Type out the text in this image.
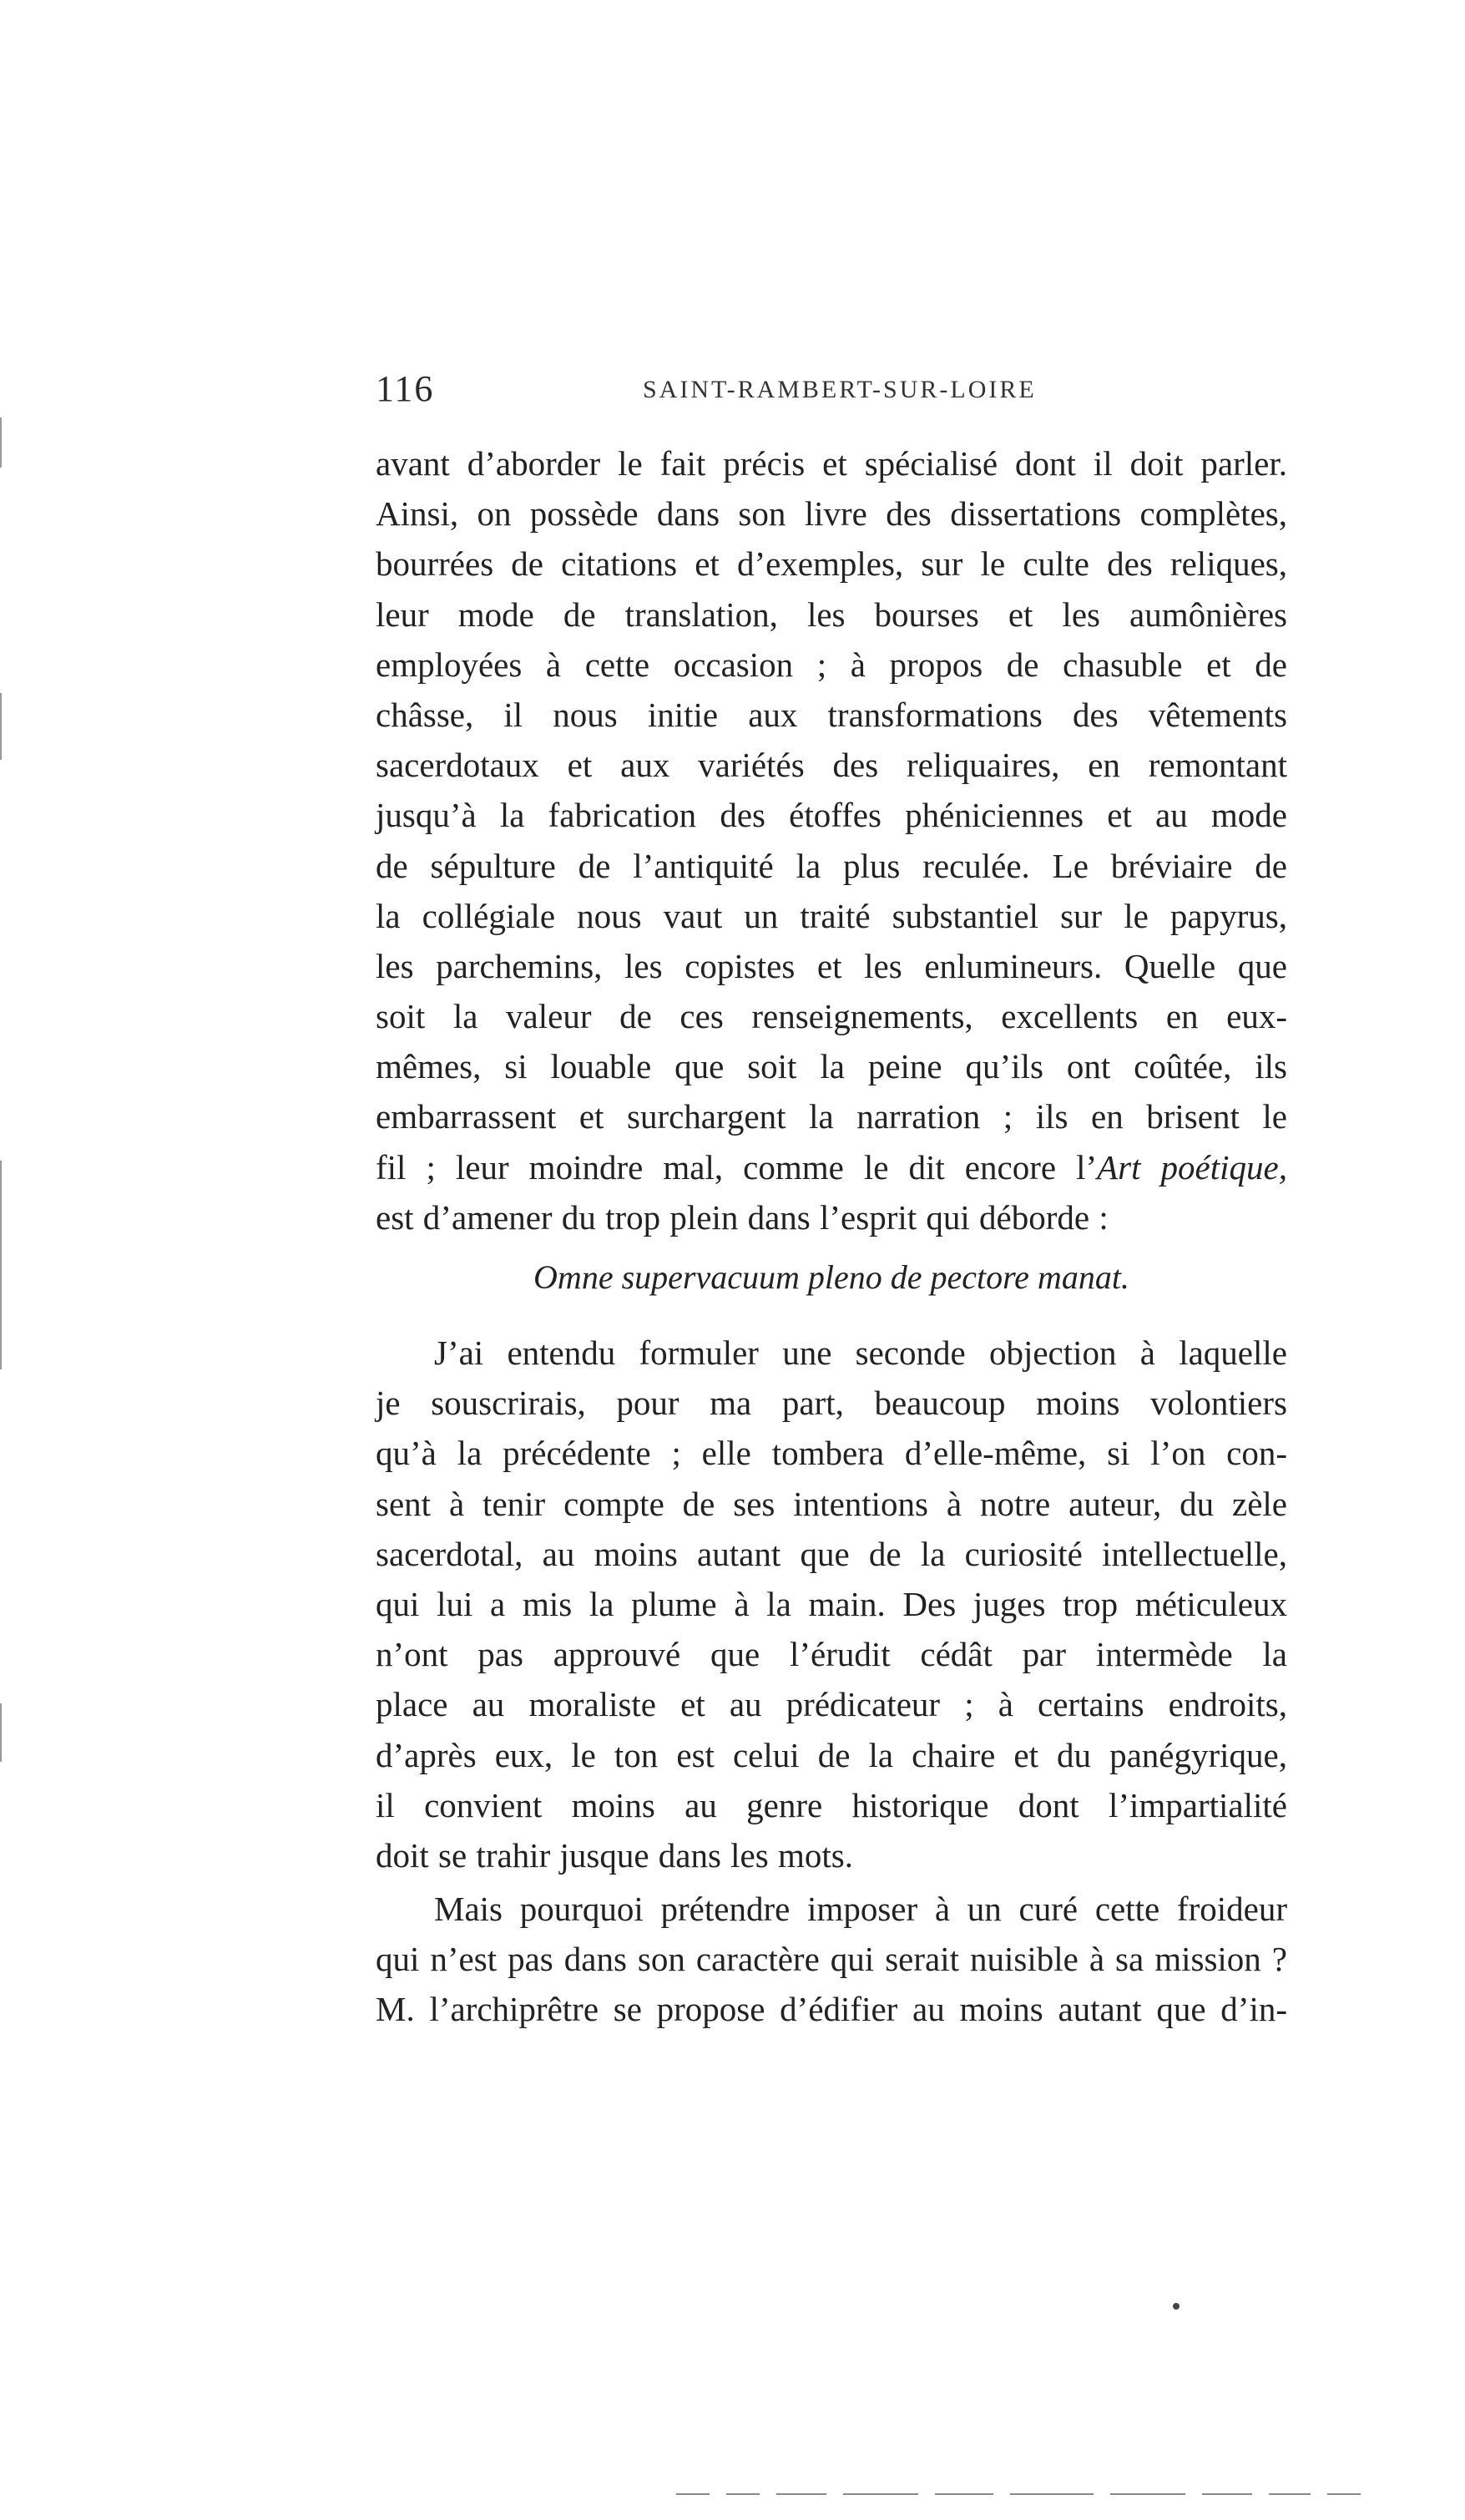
116	SAINT-RAMBERT-SUR-LOIRE
avant d’aborder le fait précis et spécialisé dont il doit parler.
Ainsi, on possède dans son livre des dissertations complètes,
bourrées de citations et d’exemples, sur le culte des reliques,
leur mode de translation, les bourses et les aumônières
employées à cette occasion ; à propos de chasuble et de
châsse, il nous initie aux transformations des vêtements
sacerdotaux et aux variétés des reliquaires, en remontant
jusqu’à la fabrication des étoffes phéniciennes et au mode
de sépulture de l’antiquité la plus reculée. Le bréviaire de
la collégiale nous vaut un traité substantiel sur le papyrus,
les parchemins, les copistes et les enlumineurs. Quelle que
soit la valeur de ces renseignements, excellents en eux-
mêmes, si louable que soit la peine qu’ils ont coûtée, ils
embarrassent et surchargent la narration ; ils en brisent le
fil ; leur moindre mal, comme le dit encore l’Art poétique,
est d’amener du trop plein dans l’esprit qui déborde :
Omne supervacuum pleno de pectore manat.
J’ai entendu formuler une seconde objection à laquelle
je souscrirais, pour ma part, beaucoup moins volontiers
qu’à la précédente ; elle tombera d’elle-même, si l’on con-
sent à tenir compte de ses intentions à notre auteur, du zèle
sacerdotal, au moins autant que de la curiosité intellectuelle,
qui lui a mis la plume à la main. Des juges trop méticuleux
n’ont pas approuvé que l’érudit cédât par intermède la
place au moraliste et au prédicateur ; à certains endroits,
d’après eux, le ton est celui de la chaire et du panégyrique,
il convient moins au genre historique dont l’impartialité
doit se trahir jusque dans les mots.
Mais pourquoi prétendre imposer à un curé cette froideur
qui n’est pas dans son caractère qui serait nuisible à sa mission ?
M. l’archiprêtre se propose d’édifier au moins autant que d’in-
